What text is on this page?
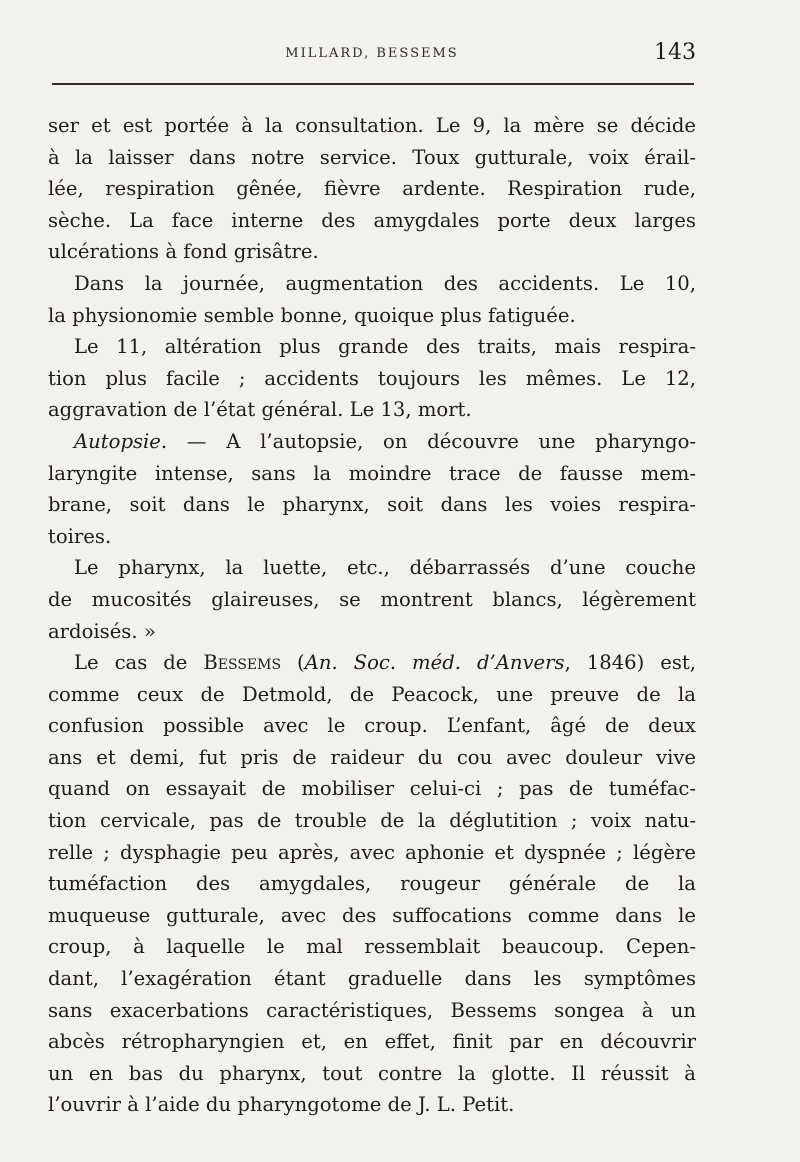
MILLARD, BESSEMS	143
ser et est portée à la consultation. Le 9, la mère se décide
à la laisser dans notre service. Toux gutturale, voix érail-
lée, respiration gênée, fièvre ardente. Respiration rude,
sèche. La face interne des amygdales porte deux larges
ulcérations à fond grisâtre.
Dans la journée, augmentation des accidents. Le 10,
la physionomie semble bonne, quoique plus fatiguée.
Le 11, altération plus grande des traits, mais respira-
tion plus facile ; accidents toujours les mêmes. Le 12,
aggravation de l’état général. Le 13, mort.
Autopsie. — A l’autopsie, on découvre une pharyngo-
laryngite intense, sans la moindre trace de fausse mem-
brane, soit dans le pharynx, soit dans les voies respira-
toires.
Le pharynx, la luette, etc., débarrassés d’une couche
de mucosités glaireuses, se montrent blancs, légèrement
ardoisés. »
Le cas de Bessems (An. Soc. méd. d’Anvers, 1846) est,
comme ceux de Detmold, de Peacock, une preuve de la
confusion possible avec le croup. L’enfant, âgé de deux
ans et demi, fut pris de raideur du cou avec douleur vive
quand on essayait de mobiliser celui-ci ; pas de tuméfac-
tion cervicale, pas de trouble de la déglutition ; voix natu-
relle ; dysphagie peu après, avec aphonie et dyspnée ; légère
tuméfaction des amygdales, rougeur générale de la
muqueuse gutturale, avec des suffocations comme dans le
croup, à laquelle le mal ressemblait beaucoup. Cepen-
dant, l’exagération étant graduelle dans les symptômes
sans exacerbations caractéristiques, Bessems songea à un
abcès rétropharyngien et, en effet, finit par en découvrir
un en bas du pharynx, tout contre la glotte. Il réussit à
l’ouvrir à l’aide du pharyngotome de J. L. Petit.
